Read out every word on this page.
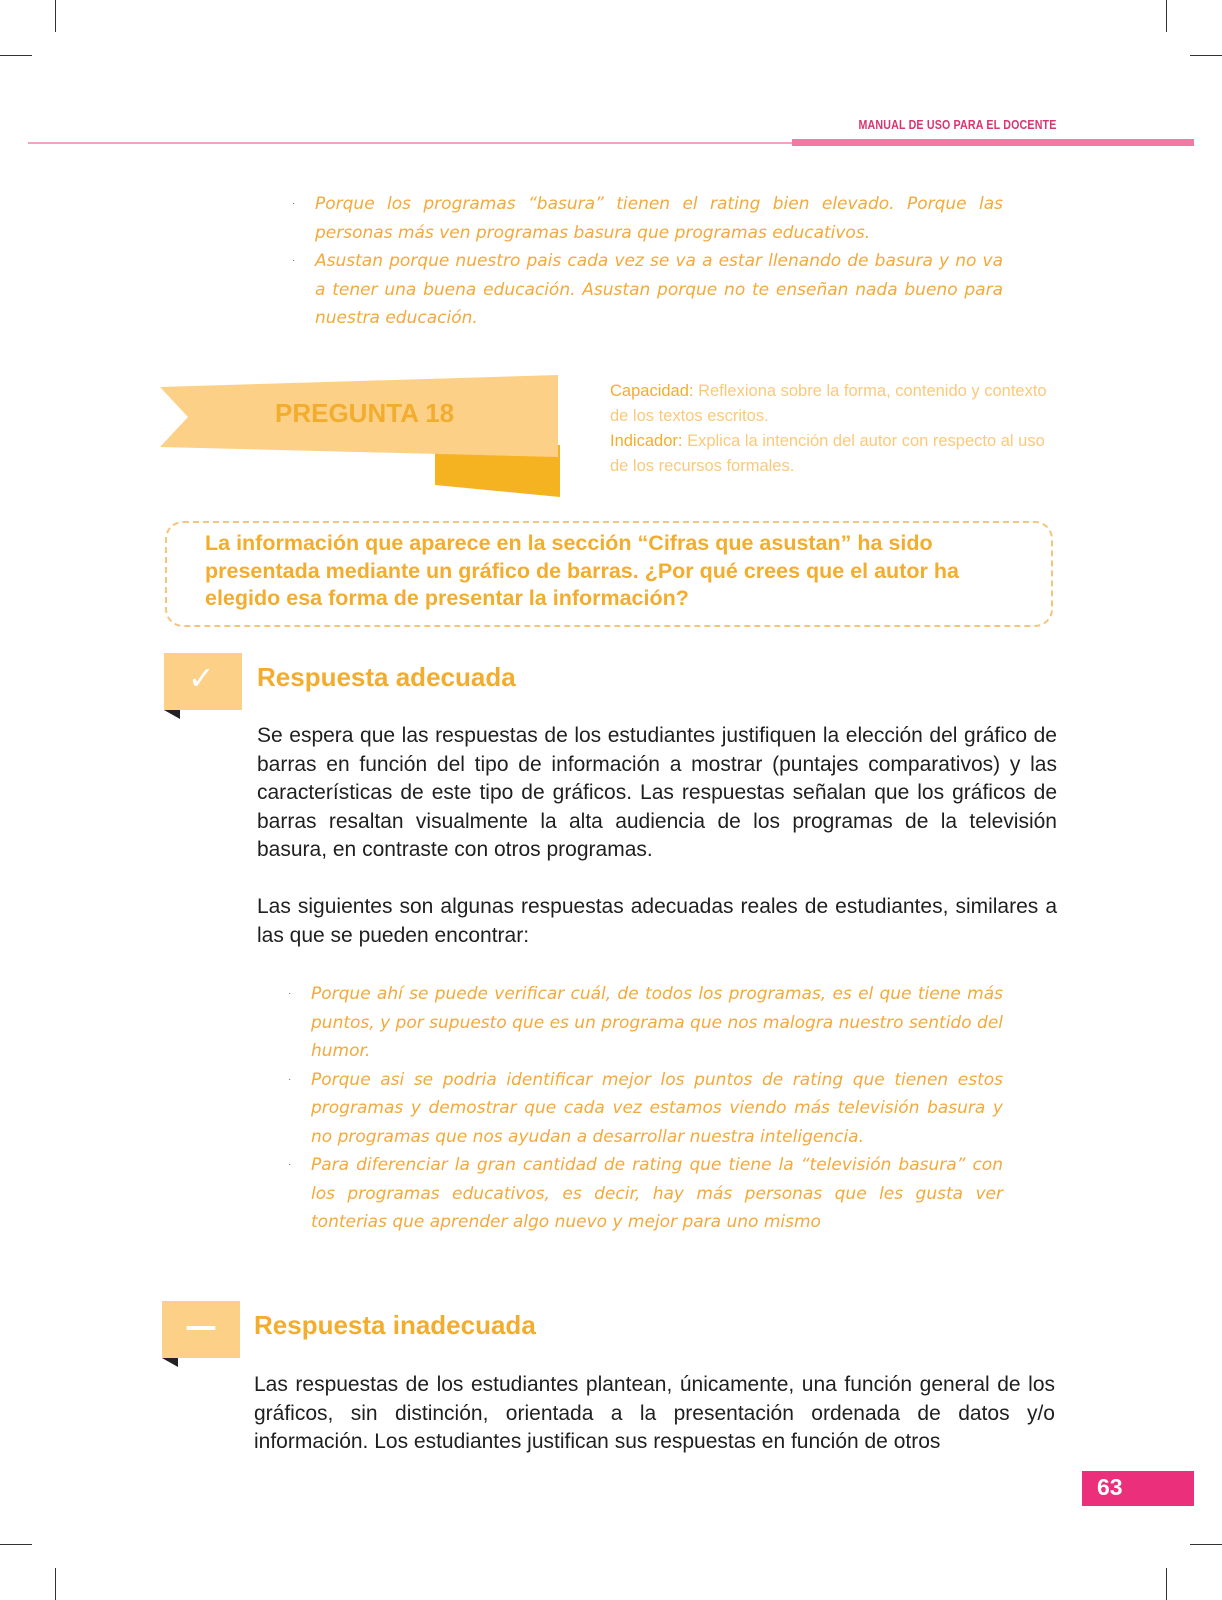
MANUAL DE USO PARA EL DOCENTE
· Porque los programas “basura” tienen el rating bien elevado. Porque las personas más ven programas basura que programas educativos.
· Asustan porque nuestro pais cada vez se va a estar llenando de basura y no va a tener una buena educación. Asustan porque no te enseñan nada bueno para nuestra educación.
PREGUNTA 18
Capacidad: Reflexiona sobre la forma, contenido y contexto de los textos escritos.
Indicador: Explica la intención del autor con respecto al uso de los recursos formales.
La información que aparece en la sección “Cifras que asustan” ha sido presentada mediante un gráfico de barras. ¿Por qué crees que el autor ha elegido esa forma de presentar la información?
✓ Respuesta adecuada
Se espera que las respuestas de los estudiantes justifiquen la elección del gráfico de barras en función del tipo de información a mostrar (puntajes comparativos) y las características de este tipo de gráficos. Las respuestas señalan que los gráficos de barras resaltan visualmente la alta audiencia de los programas de la televisión basura, en contraste con otros programas.
Las siguientes son algunas respuestas adecuadas reales de estudiantes, similares a las que se pueden encontrar:
· Porque ahí se puede verificar cuál, de todos los programas, es el que tiene más puntos, y por supuesto que es un programa que nos malogra nuestro sentido del humor.
· Porque asi se podria identificar mejor los puntos de rating que tienen estos programas y demostrar que cada vez estamos viendo más televisión basura y no programas que nos ayudan a desarrollar nuestra inteligencia.
· Para diferenciar la gran cantidad de rating que tiene la “televisión basura” con los programas educativos, es decir, hay más personas que les gusta ver tonterias que aprender algo nuevo y mejor para uno mismo
— Respuesta inadecuada
Las respuestas de los estudiantes plantean, únicamente, una función general de los gráficos, sin distinción, orientada a la presentación ordenada de datos y/o información. Los estudiantes justifican sus respuestas en función de otros
63
